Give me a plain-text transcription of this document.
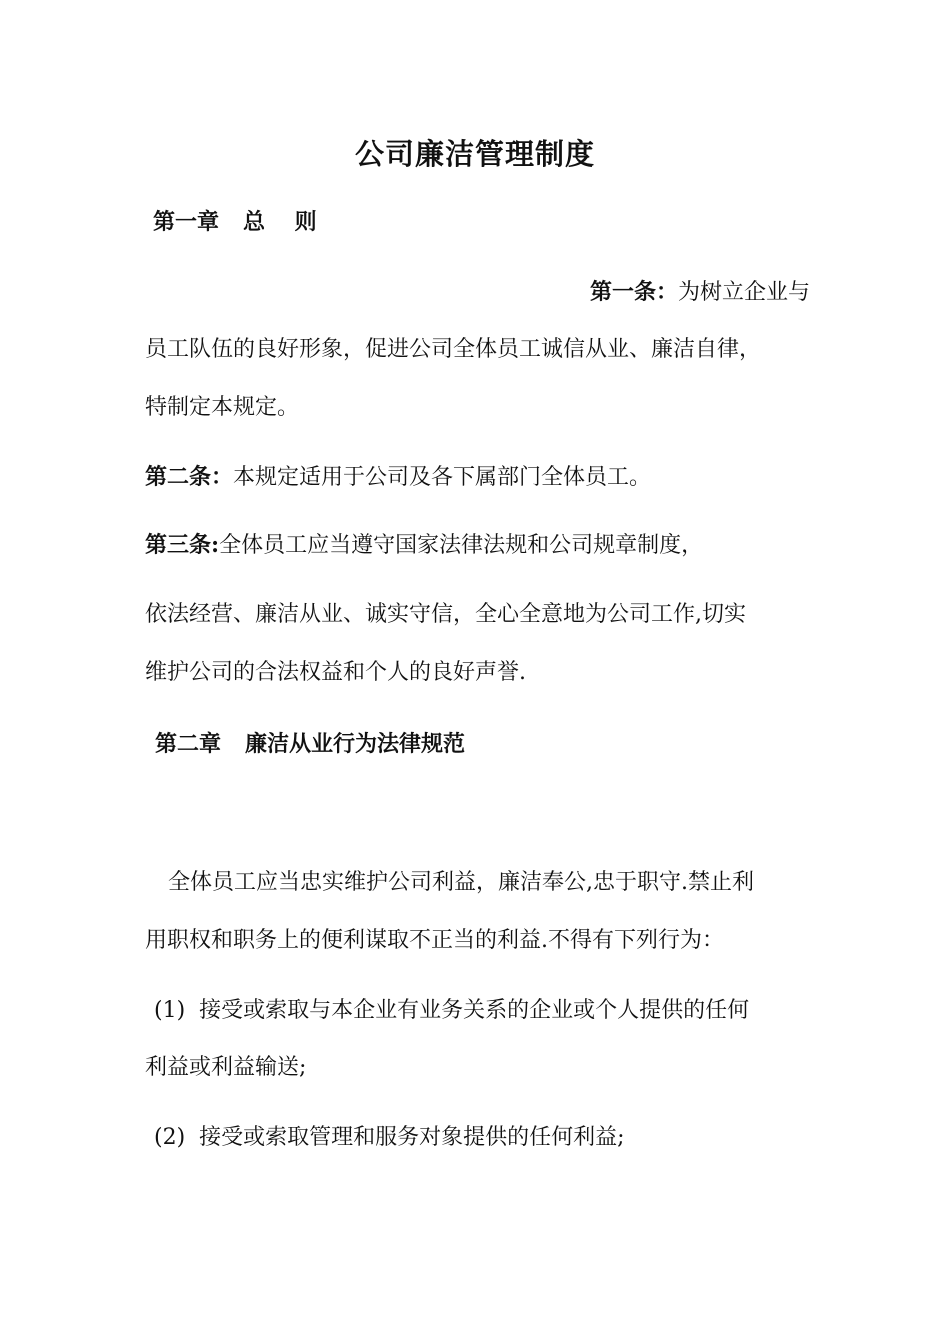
公司廉洁管理制度
第一章 总　 则
第一条：为树立企业与
员工队伍的良好形象，促进公司全体员工诚信从业、廉洁自律，
特制定本规定。
第二条：本规定适用于公司及各下属部门全体员工。
第三条:全体员工应当遵守国家法律法规和公司规章制度，
依法经营、廉洁从业、诚实守信，全心全意地为公司工作,切实
维护公司的合法权益和个人的良好声誉.
第二章 廉洁从业行为法律规范
全体员工应当忠实维护公司利益，廉洁奉公,忠于职守.禁止利
用职权和职务上的便利谋取不正当的利益.不得有下列行为：
(1) 接受或索取与本企业有业务关系的企业或个人提供的任何
利益或利益输送;
(2) 接受或索取管理和服务对象提供的任何利益;
